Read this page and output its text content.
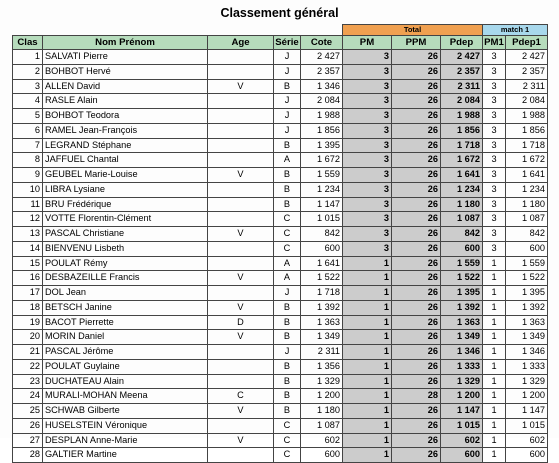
Classement général
					Total			match 1	
Clas	Nom Prénom	Age	Série	Cote	PM	PPM	Pdep	PM1	Pdep1
1	SALVATI Pierre		J	2 427	3	26	2 427	3	2 427
2	BOHBOT Hervé		J	2 357	3	26	2 357	3	2 357
3	ALLEN David	V	B	1 346	3	26	2 311	3	2 311
4	RASLE Alain		J	2 084	3	26	2 084	3	2 084
5	BOHBOT Teodora		J	1 988	3	26	1 988	3	1 988
6	RAMEL Jean-François		J	1 856	3	26	1 856	3	1 856
7	LEGRAND Stéphane		B	1 395	3	26	1 718	3	1 718
8	JAFFUEL Chantal		A	1 672	3	26	1 672	3	1 672
9	GEUBEL Marie-Louise	V	B	1 559	3	26	1 641	3	1 641
10	LIBRA Lysiane		B	1 234	3	26	1 234	3	1 234
11	BRU Frédérique		B	1 147	3	26	1 180	3	1 180
12	VOTTE Florentin-Clément		C	1 015	3	26	1 087	3	1 087
13	PASCAL Christiane	V	C	842	3	26	842	3	842
14	BIENVENU Lisbeth		C	600	3	26	600	3	600
15	POULAT Rémy		A	1 641	1	26	1 559	1	1 559
16	DESBAZEILLE Francis	V	A	1 522	1	26	1 522	1	1 522
17	DOL Jean		J	1 718	1	26	1 395	1	1 395
18	BETSCH Janine	V	B	1 392	1	26	1 392	1	1 392
19	BACOT Pierrette	D	B	1 363	1	26	1 363	1	1 363
20	MORIN Daniel	V	B	1 349	1	26	1 349	1	1 349
21	PASCAL Jérôme		J	2 311	1	26	1 346	1	1 346
22	POULAT Guylaine		B	1 356	1	26	1 333	1	1 333
23	DUCHATEAU Alain		B	1 329	1	26	1 329	1	1 329
24	MURALI-MOHAN Meena	C	B	1 200	1	28	1 200	1	1 200
25	SCHWAB Gilberte	V	B	1 180	1	26	1 147	1	1 147
26	HUSELSTEIN Véronique		C	1 087	1	26	1 015	1	1 015
27	DESPLAN Anne-Marie	V	C	602	1	26	602	1	602
28	GALTIER Martine		C	600	1	26	600	1	600
